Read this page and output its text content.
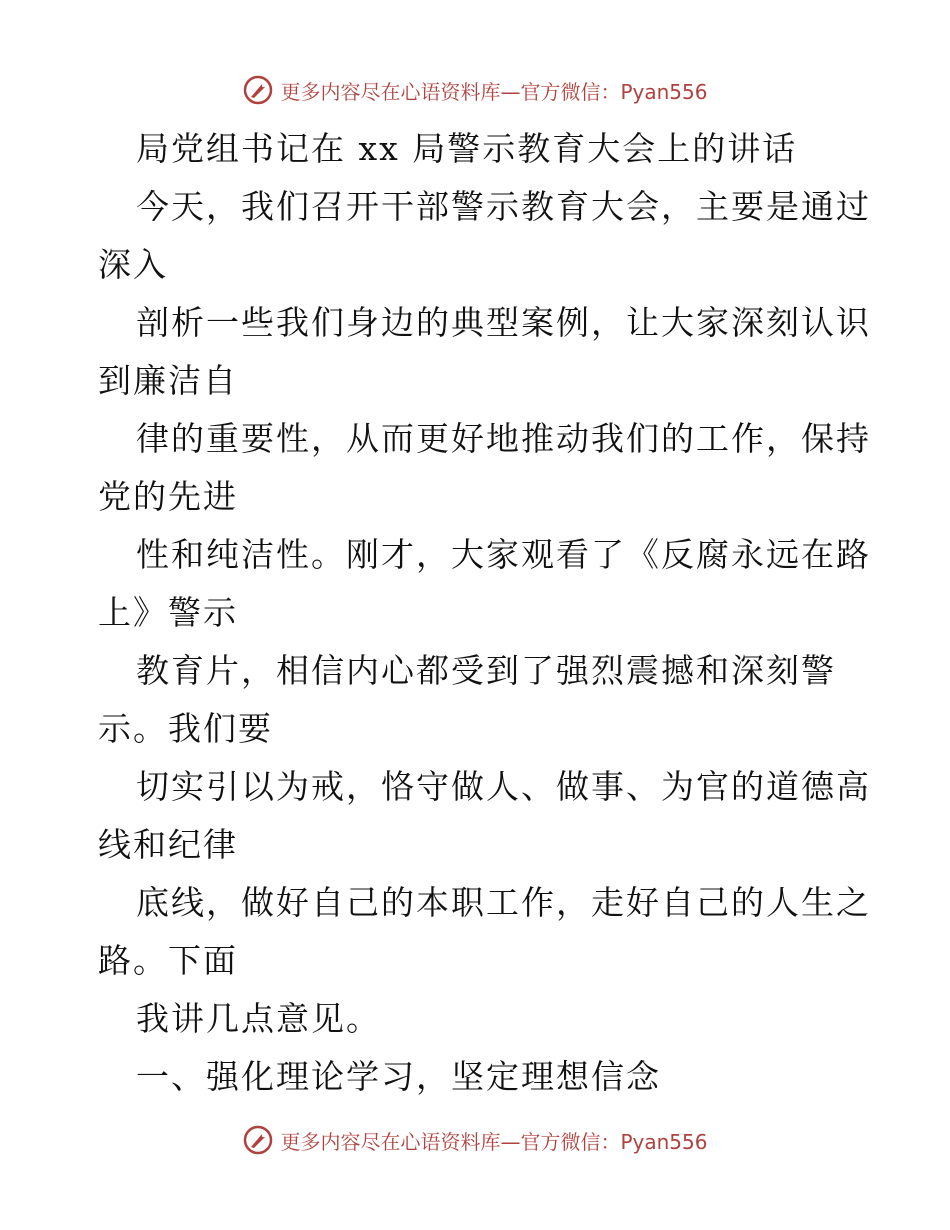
更多内容尽在心语资料库—官方微信：Pyan556
局党组书记在 xx 局警示教育大会上的讲话
今天，我们召开干部警示教育大会，主要是通过
深入
剖析一些我们身边的典型案例，让大家深刻认识
到廉洁自
律的重要性，从而更好地推动我们的工作，保持
党的先进
性和纯洁性。刚才，大家观看了《反腐永远在路
上》警示
教育片，相信内心都受到了强烈震撼和深刻警
示。我们要
切实引以为戒，恪守做人、做事、为官的道德高
线和纪律
底线，做好自己的本职工作，走好自己的人生之
路。下面
我讲几点意见。
一、强化理论学习，坚定理想信念
更多内容尽在心语资料库—官方微信：Pyan556
